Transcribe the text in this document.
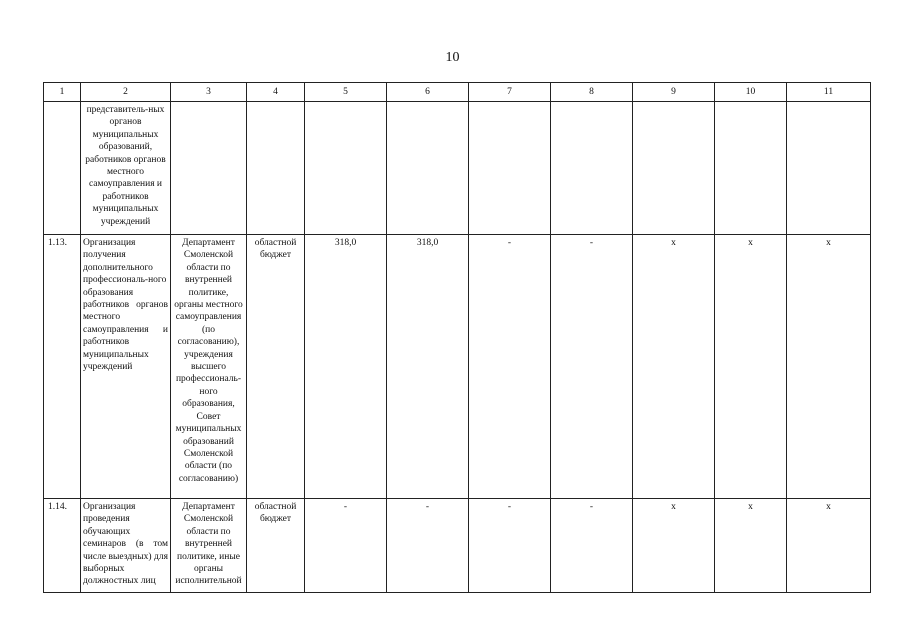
10
1	2	3	4	5	6	7	8	9	10	11
	представитель-ных органов муниципальных образований, работников органов местного самоуправления и работников муниципальных учреждений									
1.13.	Организация получения дополнительного профессиональ-ного образования работников органов местного самоуправления и работников муниципальных учреждений	Департамент Смоленской области по внутренней политике, органы местного самоуправления (по согласованию), учреждения высшего профессиональ-ного образования, Совет муниципальных образований Смоленской области (по согласованию)	областной бюджет	318,0	318,0	-	-	х	х	х
1.14.	Организация проведения обучающих семинаров (в том числе выездных) для выборных должностных лиц	Департамент Смоленской области по внутренней политике, иные органы исполнительной	областной бюджет	-	-	-	-	х	х	х
